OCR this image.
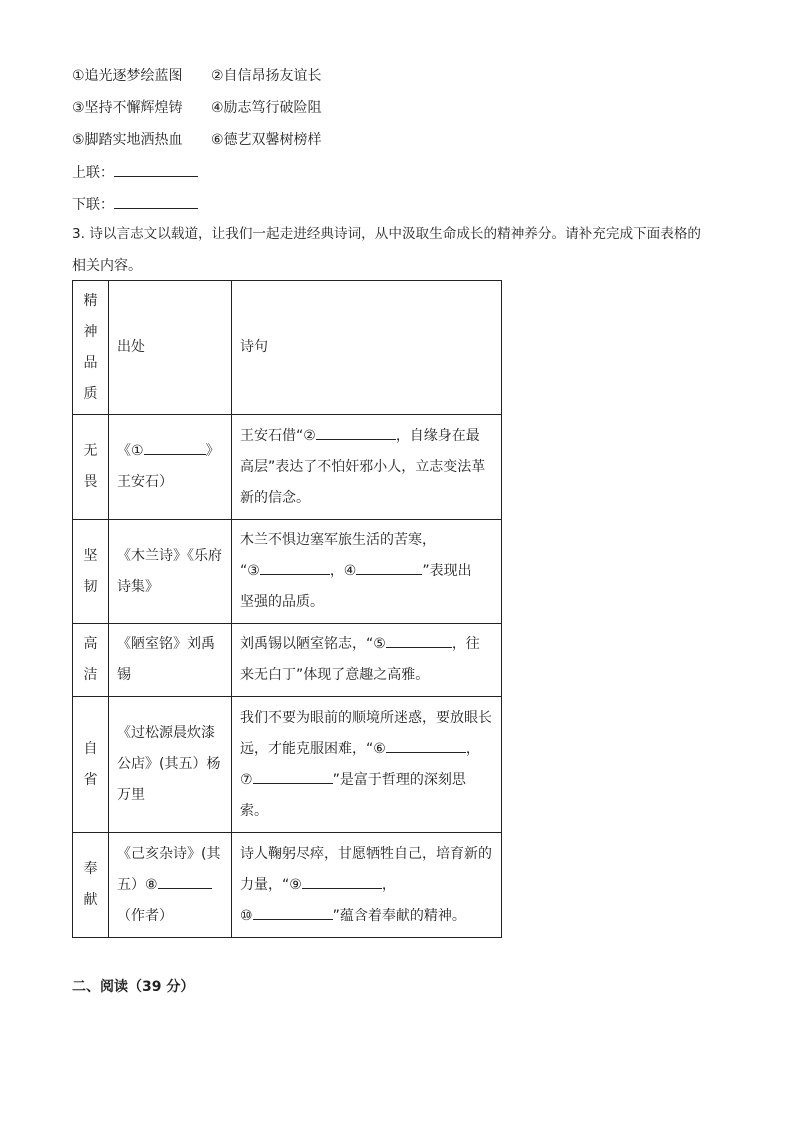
①追光逐梦绘蓝图 ②自信昂扬友谊长
③坚持不懈辉煌铸 ④励志笃行破险阻
⑤脚踏实地洒热血 ⑥德艺双馨树榜样
上联：
下联：
3. 诗以言志文以载道，让我们一起走进经典诗词，从中汲取生命成长的精神养分。请补充完成下面表格的
相关内容。
精神品质	出处	诗句
无畏	《① 》
王安石）	王安石借“② ，自缘身在最
高层”表达了不怕奸邪小人，立志变法革
新的信念。
坚韧	《木兰诗》《乐府
诗集》	木兰不惧边塞军旅生活的苦寒，
“③ ，④ ”表现出
坚强的品质。
高洁	《陋室铭》刘禹
锡	刘禹锡以陋室铭志，“⑤ ，往
来无白丁”体现了意趣之高雅。
自省	《过松源晨炊漆
公店》(其五）杨
万里	我们不要为眼前的顺境所迷惑，要放眼长
远，才能克服困难，“⑥ ，
⑦ ”是富于哲理的深刻思
索。
奉献	《己亥杂诗》(其
五）⑧
（作者）	诗人鞠躬尽瘁，甘愿牺牲自己，培育新的
力量，“⑨ ，
⑩ ”蕴含着奉献的精神。
二、阅读（39 分）
